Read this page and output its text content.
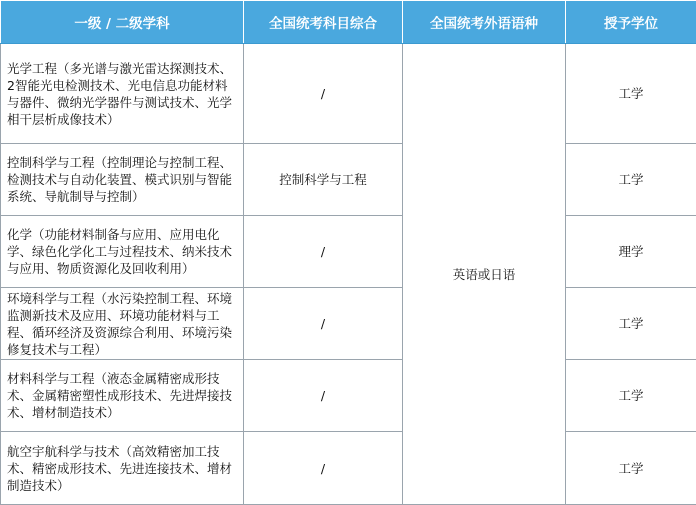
一级 / 二级学科	全国统考科目综合	全国统考外语语种	授予学位
光学工程（多光谱与激光雷达探测技术、2智能光电检测技术、光电信息功能材料与器件、微纳光学器件与测试技术、光学相干层析成像技术）	/	英语或日语	工学
控制科学与工程（控制理论与控制工程、检测技术与自动化装置、模式识别与智能系统、导航制导与控制）	控制科学与工程		工学
化学（功能材料制备与应用、应用电化学、绿色化学化工与过程技术、纳米技术与应用、物质资源化及回收利用）	/		理学
环境科学与工程（水污染控制工程、环境监测新技术及应用、环境功能材料与工程、循环经济及资源综合利用、环境污染修复技术与工程）	/		工学
材料科学与工程（液态金属精密成形技术、金属精密塑性成形技术、先进焊接技术、增材制造技术）	/		工学
航空宇航科学与技术（高效精密加工技术、精密成形技术、先进连接技术、增材制造技术）	/		工学
